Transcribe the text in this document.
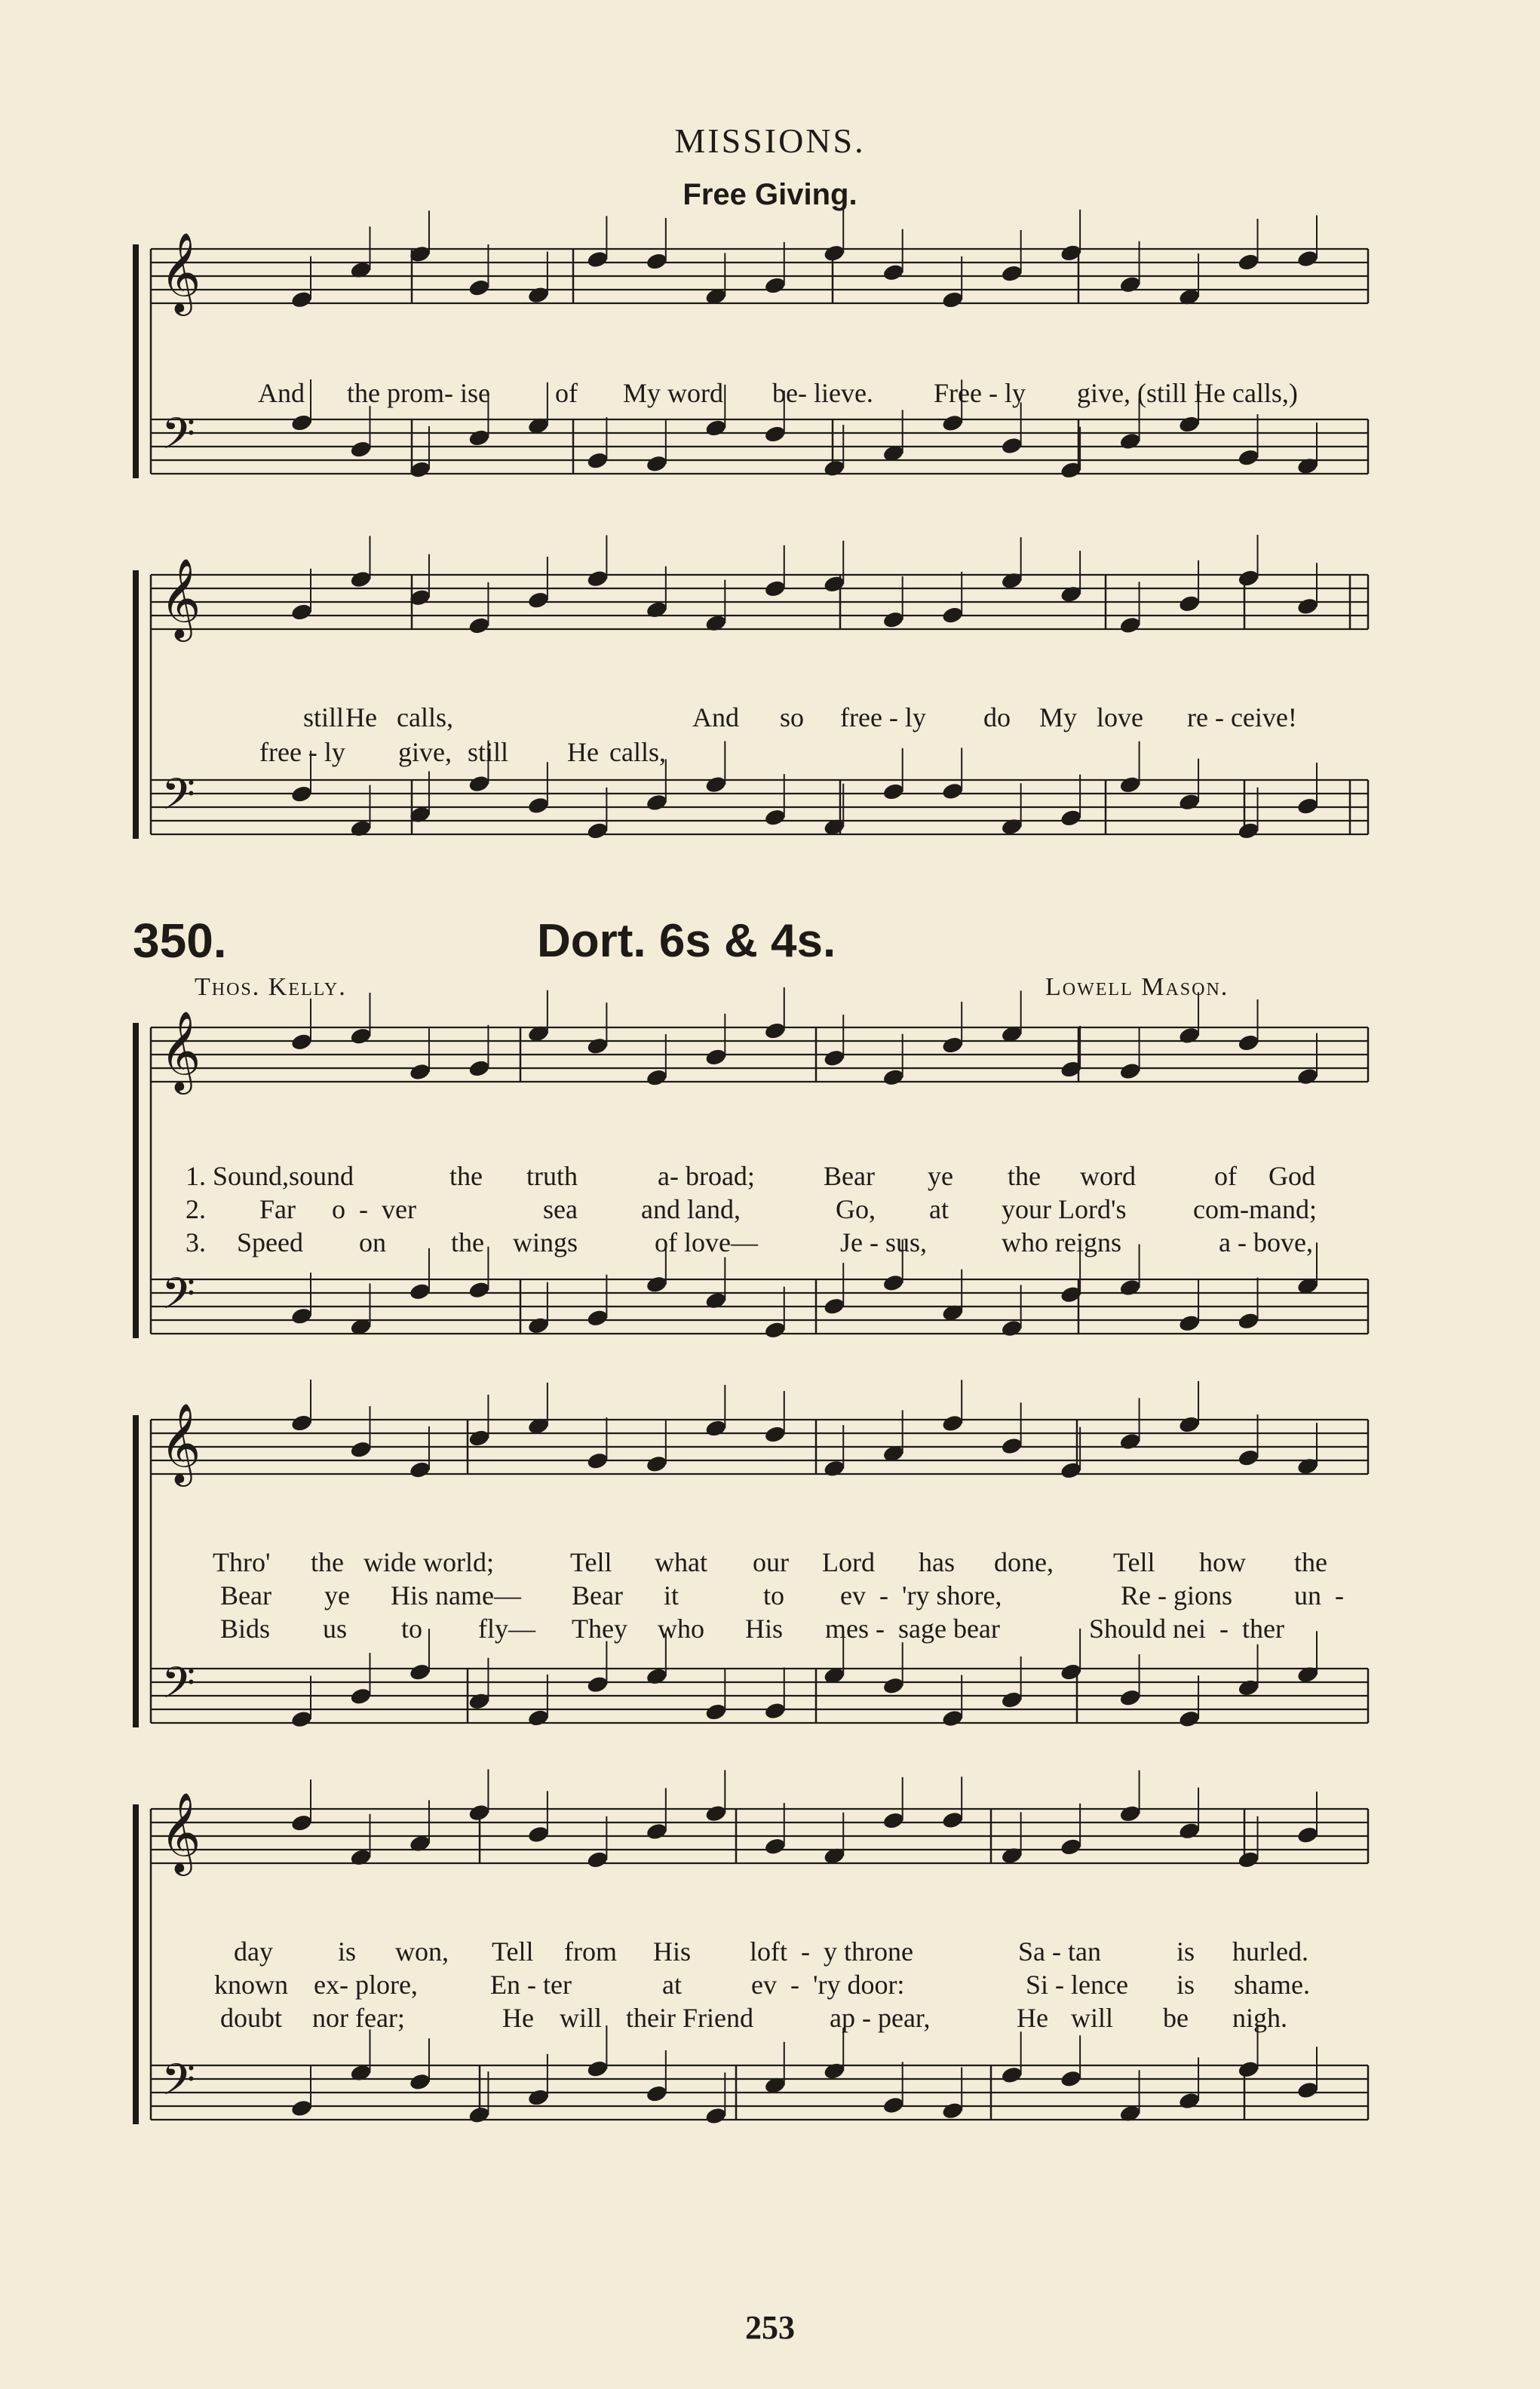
MISSIONS.
Free Giving.
𝄞
𝄢
𝄞
𝄢
𝄞
𝄢
𝄞
𝄢
𝄞
𝄢
And the prom- ise of My word be- lieve. Free - ly give, (still He calls,)
still He calls,	And so free - ly do My love re - ceive!
free - ly give, still He calls,
350.	Dort. 6s & 4s.
Thos. Kelly.	Lowell Mason.
1. Sound,sound	the truth	a- broad;	Bear ye the word	of God
2. Far o  -  ver	sea and land,	Go, at your Lord's com-mand;
3. Speed on the wings	of love—	Je - sus,	who reigns	a - bove,
Thro' the wide world;	Tell what our Lord has done, Tell how the
Bear ye His name— Bear it	to ev  -  'ry shore,	Re - gions un  -
Bids us to fly— They who His mes -  sage bear	Should nei  -  ther
day is won, Tell from His loft  -  y throne	Sa - tan	is hurled.
known ex- plore,	En - ter	at	ev  -  'ry door:	Si - lence is shame.
doubt nor fear;	He will their Friend	ap - pear,	He will be nigh.
253
